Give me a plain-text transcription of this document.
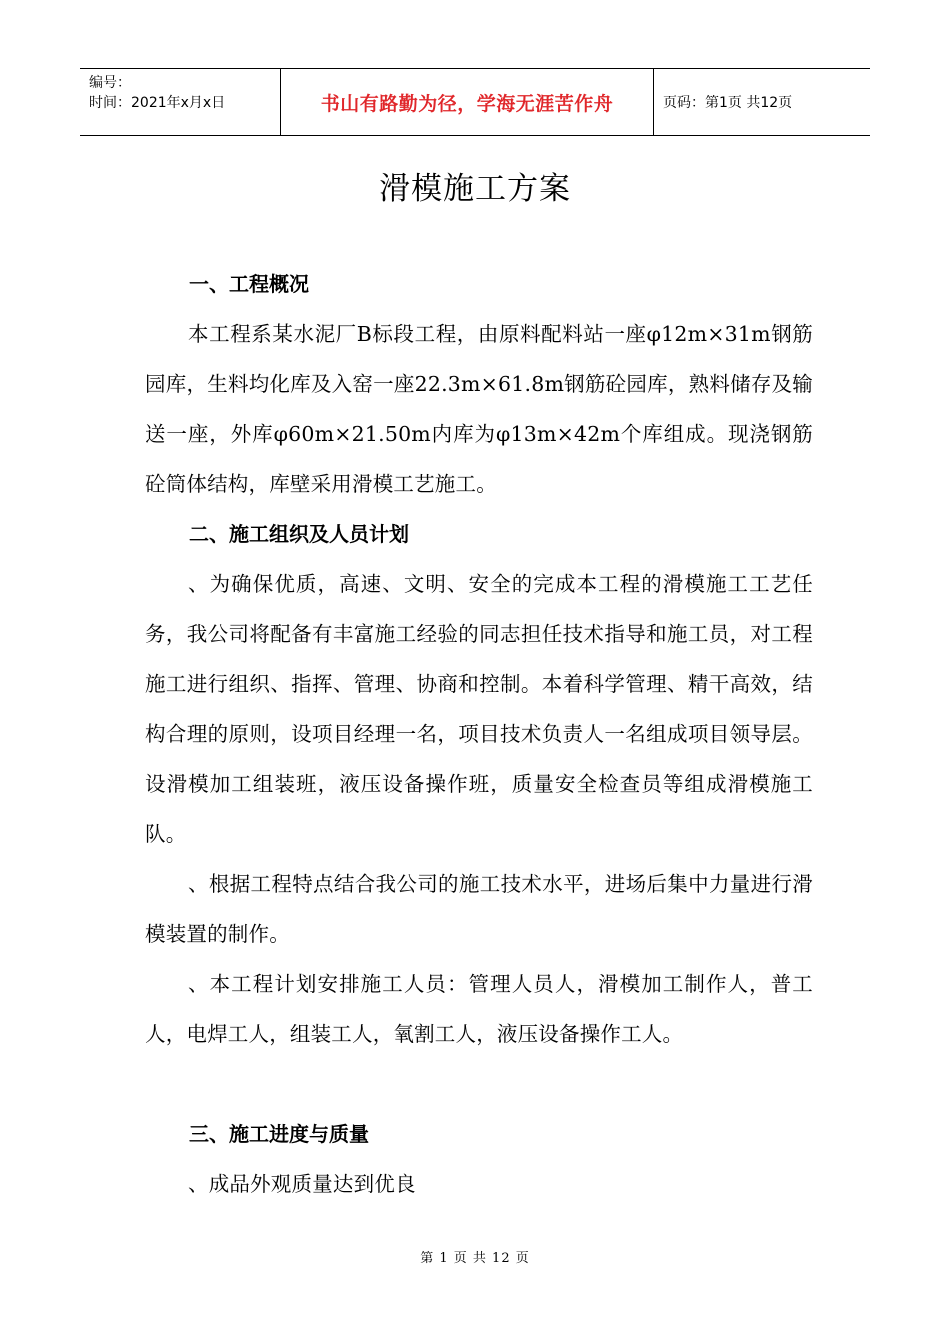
编号：
时间：2021年x月x日	书山有路勤为径，学海无涯苦作舟	页码：第1页 共12页
滑模施工方案
一、工程概况

本工程系某水泥厂B标段工程，由原料配料站一座φ12m×31m钢筋园库，生料均化库及入窑一座22.3m×61.8m钢筋砼园库，熟料储存及输送一座，外库φ60m×21.50m内库为φ13m×42m个库组成。现浇钢筋砼筒体结构，库壁采用滑模工艺施工。

二、施工组织及人员计划

、为确保优质，高速、文明、安全的完成本工程的滑模施工工艺任务，我公司将配备有丰富施工经验的同志担任技术指导和施工员，对工程施工进行组织、指挥、管理、协商和控制。本着科学管理、精干高效，结构合理的原则，设项目经理一名，项目技术负责人一名组成项目领导层。设滑模加工组装班，液压设备操作班，质量安全检查员等组成滑模施工队。

、根据工程特点结合我公司的施工技术水平，进场后集中力量进行滑模装置的制作。

、本工程计划安排施工人员：管理人员人，滑模加工制作人，普工人，电焊工人，组装工人，氧割工人，液压设备操作工人。

三、施工进度与质量

、成品外观质量达到优良

第 1 页 共 12 页
